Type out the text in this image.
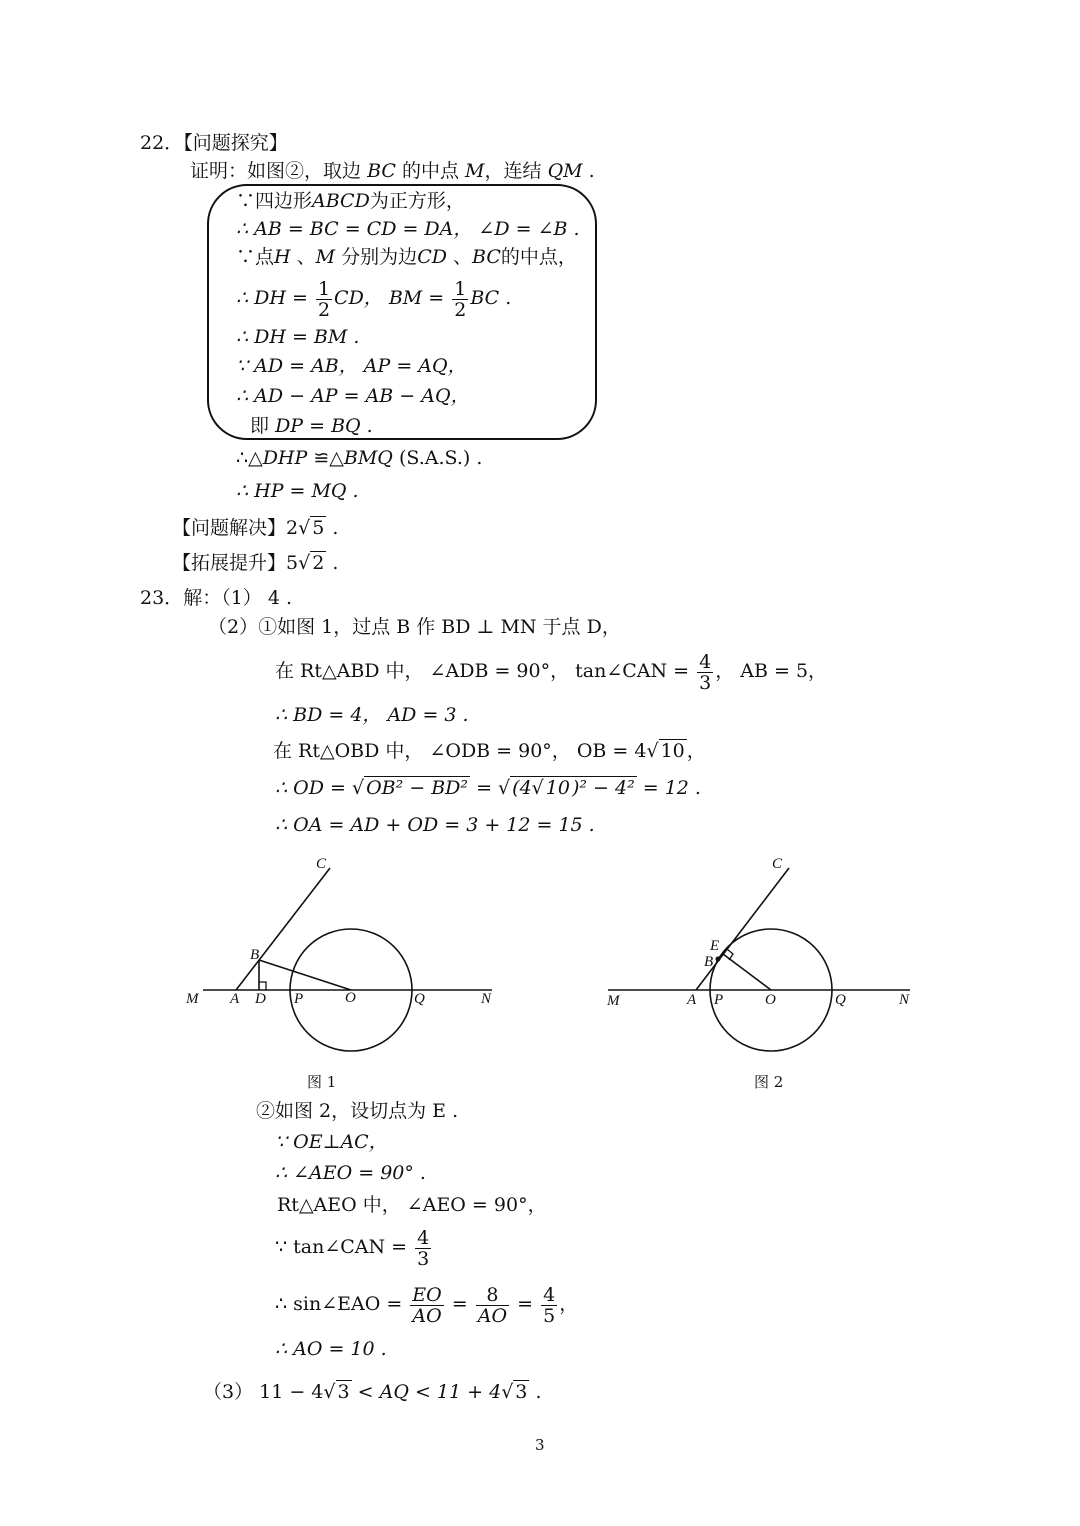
22．【问题探究】
证明：如图②，取边 BC 的中点 M，连结 QM .
∵四边形ABCD为正方形，
∴ AB = BC = CD = DA， ∠D = ∠B .
∵点H 、M 分别为边CD 、BC的中点，
∴ DH = $\frac{1}{2}$ CD， BM = $\frac{1}{2}$ BC .
∴ DH = BM .
∵ AD = AB， AP = AQ，
∴ AD − AP = AB − AQ，
即 DP = BQ .
∴△DHP ≌△BMQ (S.A.S.) .
∴ HP = MQ .
【问题解决】2√ 5 .
【拓展提升】5√ 2 .
23．解：（1） 4 .
（2）①如图 1，过点 B 作 BD ⊥ MN 于点 D，
在 Rt△ABD 中， ∠ADB = 90°， tan∠CAN = $\frac{4}{3}$ ， AB = 5，
∴ BD = 4， AD = 3 .
在 Rt△OBD 中， ∠ODB = 90°， OB = 4√ 10 ，
∴ OD = √ OB² − BD² = √ (4√ 10 )² − 4² = 12 .
∴ OA = AD + OD = 3 + 12 = 15 .
C
B
M A D P	O	Q	N
图 1
C
E
B
M	A P	O	Q	N
图 2
②如图 2，设切点为 E .
∵ OE⊥AC，
∴ ∠AEO = 90° .
Rt△AEO 中， ∠AEO = 90°，
∵ tan∠CAN = $\frac{4}{3}$
∴ sin∠EAO = $\frac{EO}{AO} = \frac{8}{AO} = \frac{4}{5}$ ，
∴ AO = 10 .
（3） 11 − 4√ 3 < AQ < 11 + 4√ 3 .
3
